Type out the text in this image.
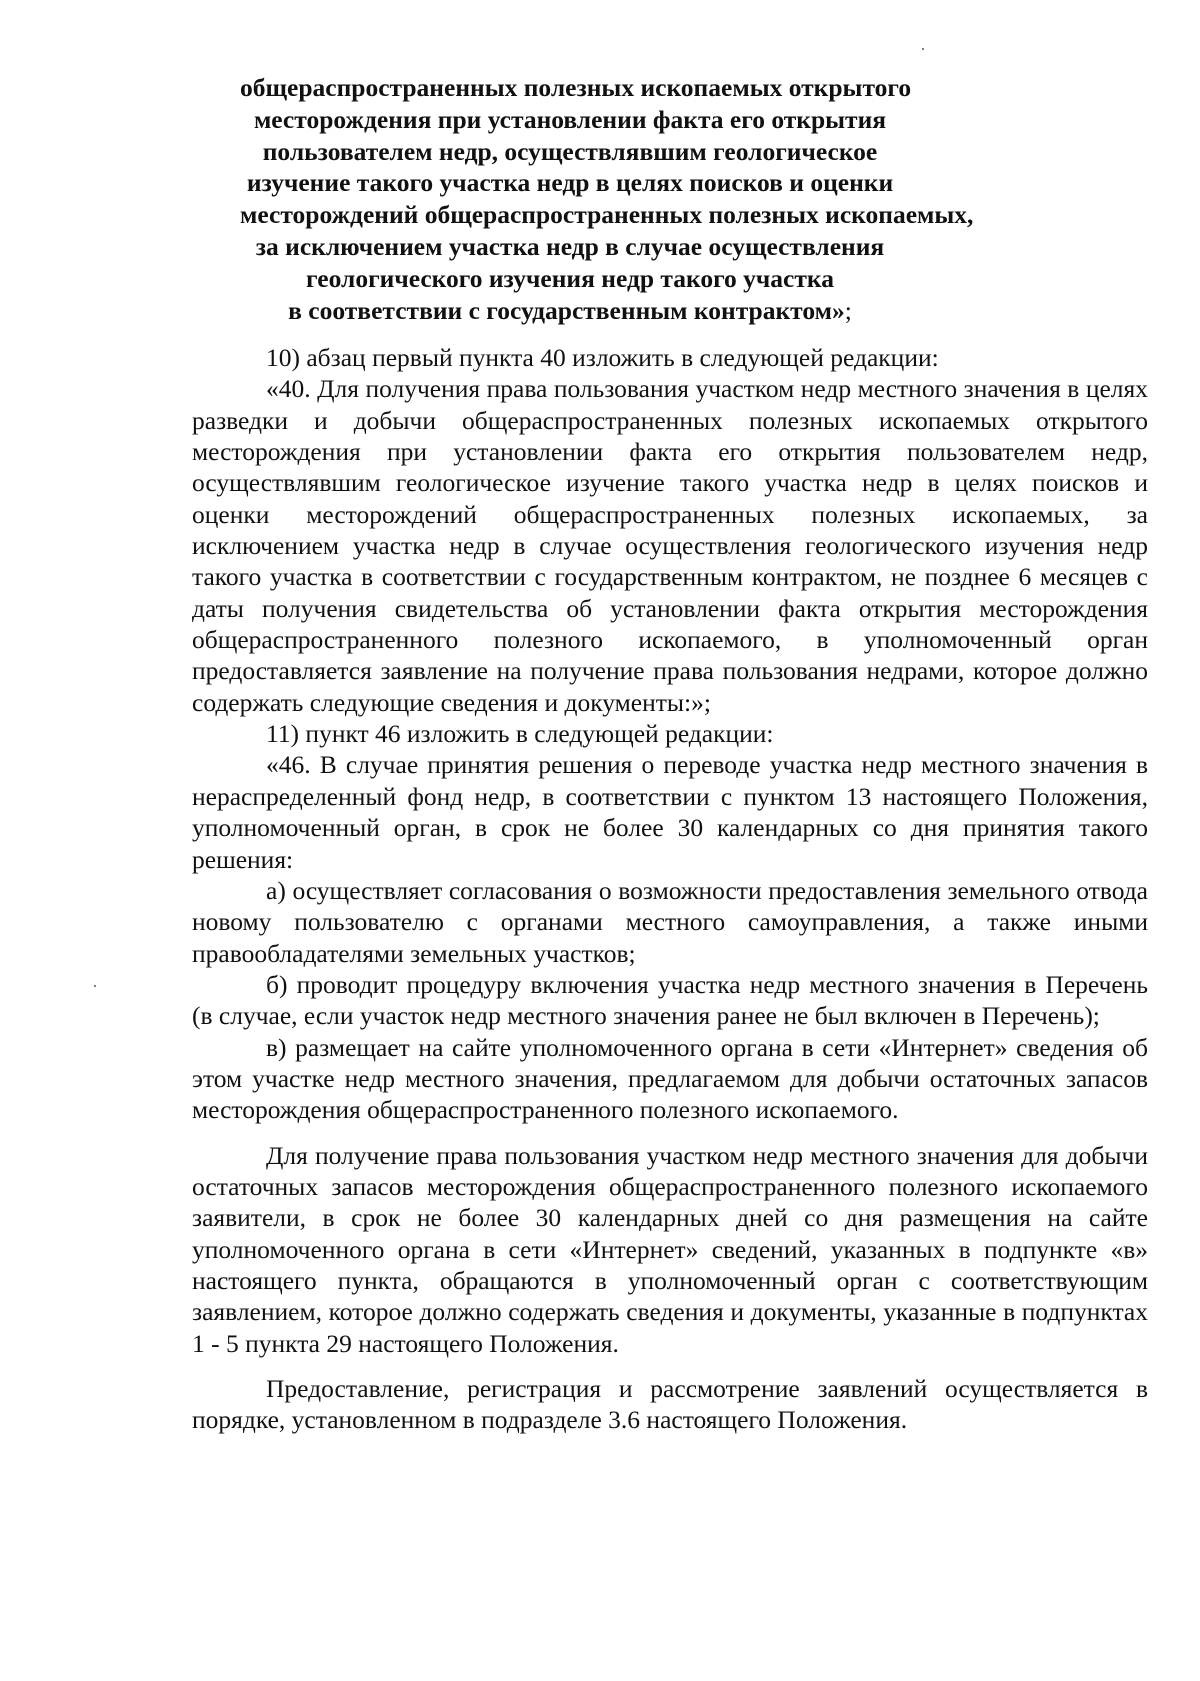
общераспространенных полезных ископаемых открытого
месторождения при установлении факта его открытия
пользователем недр, осуществлявшим геологическое
изучение такого участка недр в целях поисков и оценки
месторождений общераспространенных полезных ископаемых,
за исключением участка недр в случае осуществления
геологического изучения недр такого участка
в соответствии с государственным контрактом»;

10) абзац первый пункта 40 изложить в следующей редакции:

«40. Для получения права пользования участком недр местного значения в целях разведки и добычи общераспространенных полезных ископаемых открытого месторождения при установлении факта его открытия пользователем недр, осуществлявшим геологическое изучение такого участка недр в целях поисков и оценки месторождений общераспространенных полезных ископаемых, за исключением участка недр в случае осуществления геологического изучения недр такого участка в соответствии с государственным контрактом, не позднее 6 месяцев с даты получения свидетельства об установлении факта открытия месторождения общераспространенного полезного ископаемого, в уполномоченный орган предоставляется заявление на получение права пользования недрами, которое должно содержать следующие сведения и документы:»;

11) пункт 46 изложить в следующей редакции:

«46. В случае принятия решения о переводе участка недр местного значения в нераспределенный фонд недр, в соответствии с пунктом 13 настоящего Положения, уполномоченный орган, в срок не более 30 календарных со дня принятия такого решения:

а) осуществляет согласования о возможности предоставления земельного отвода новому пользователю с органами местного самоуправления, а также иными правообладателями земельных участков;

б) проводит процедуру включения участка недр местного значения в Перечень (в случае, если участок недр местного значения ранее не был включен в Перечень);

в) размещает на сайте уполномоченного органа в сети «Интернет» сведения об этом участке недр местного значения, предлагаемом для добычи остаточных запасов месторождения общераспространенного полезного ископаемого.

Для получение права пользования участком недр местного значения для добычи остаточных запасов месторождения общераспространенного полезного ископаемого заявители, в срок не более 30 календарных дней со дня размещения на сайте уполномоченного органа в сети «Интернет» сведений, указанных в подпункте «в» настоящего пункта, обращаются в уполномоченный орган с соответствующим заявлением, которое должно содержать сведения и документы, указанные в подпунктах 1 - 5 пункта 29 настоящего Положения.

Предоставление, регистрация и рассмотрение заявлений осуществляется в порядке, установленном в подразделе 3.6 настоящего Положения.
